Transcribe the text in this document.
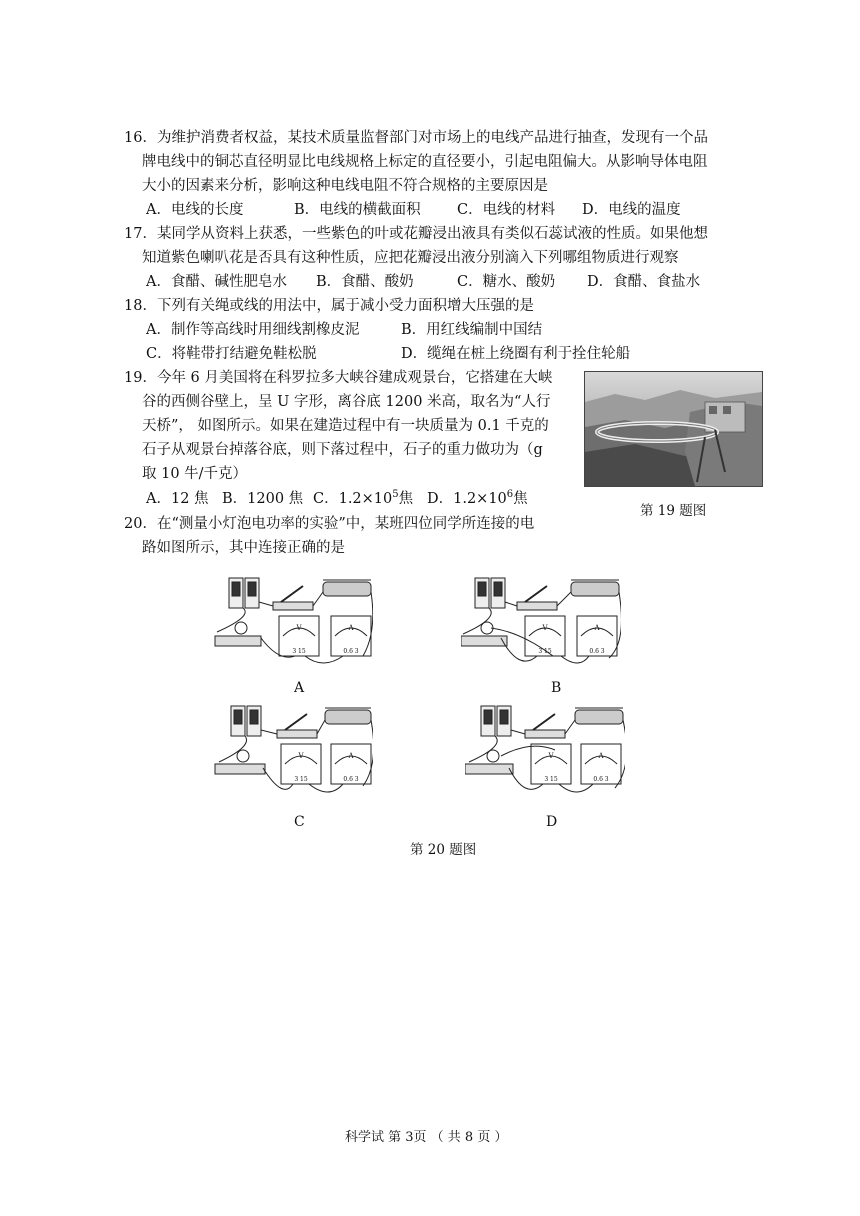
16．为维护消费者权益，某技术质量监督部门对市场上的电线产品进行抽查，发现有一个品
牌电线中的铜芯直径明显比电线规格上标定的直径要小，引起电阻偏大。从影响导体电阻
大小的因素来分析，影响这种电线电阻不符合规格的主要原因是
A．电线的长度	B．电线的横截面积	C．电线的材料 D．电线的温度
17．某同学从资料上获悉，一些紫色的叶或花瓣浸出液具有类似石蕊试液的性质。如果他想
知道紫色喇叭花是否具有这种性质，应把花瓣浸出液分别滴入下列哪组物质进行观察
A．食醋、碱性肥皂水 B．食醋、酸奶	C．糖水、酸奶 D．食醋、食盐水
18．下列有关绳或线的用法中，属于减小受力面积增大压强的是
A．制作等高线时用细线割橡皮泥	B．用红线编制中国结
C．将鞋带打结避免鞋松脱	D．缆绳在桩上绕圈有利于拴住轮船
19．今年 6 月美国将在科罗拉多大峡谷建成观景台，它搭建在大峡
谷的西侧谷壁上，呈 U 字形，离谷底 1200 米高，取名为“人行
天桥”， 如图所示。如果在建造过程中有一块质量为 0.1 千克的
石子从观景台掉落谷底，则下落过程中，石子的重力做功为（g
取 10 牛/千克）
A．12 焦 B．1200 焦 C．1.2×105焦 D．1.2×106焦
第 19 题图
20．在“测量小灯泡电功率的实验”中，某班四位同学所连接的电
路如图所示，其中连接正确的是
V	A
3 15	0.6 3
A
V	A
3 15	0.6 3
B
V	A
3 15	0.6 3
C
V	A
3 15	0.6 3
D
第 20 题图
科学试 第 3页 （ 共 8 页 ）
